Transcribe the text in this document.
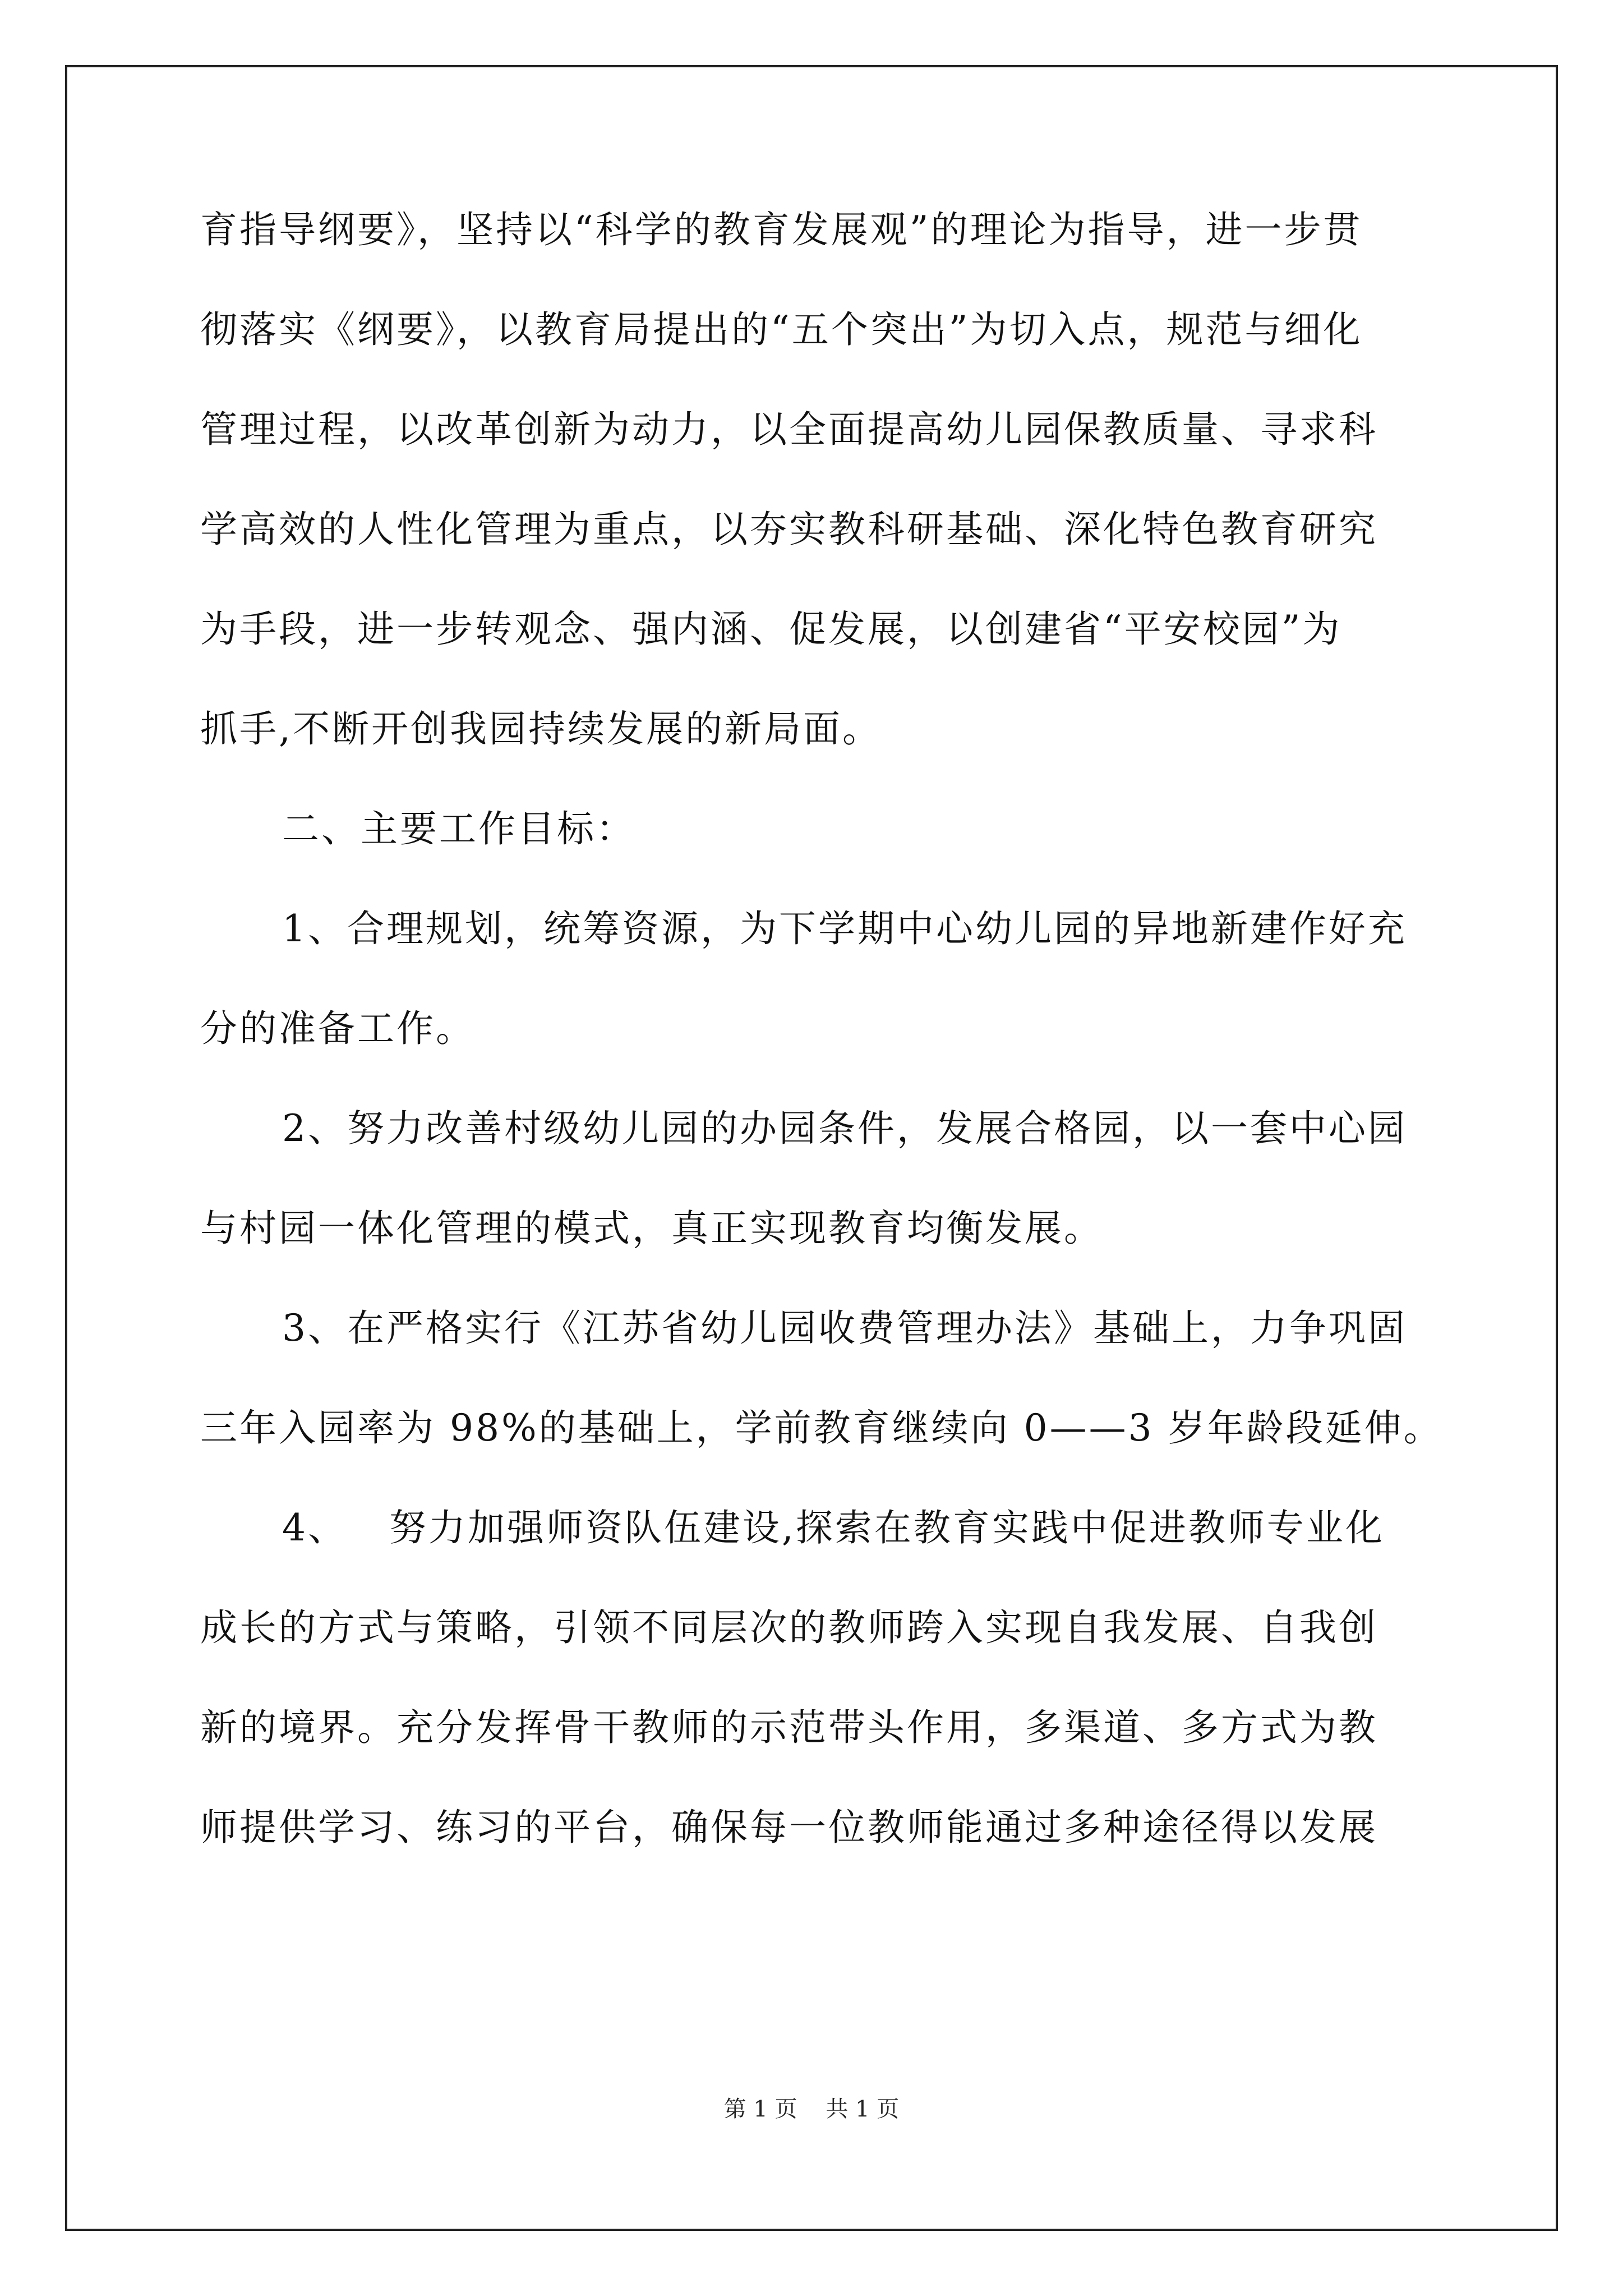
育指导纲要》，坚持以“科学的教育发展观”的理论为指导，进一步贯
彻落实《纲要》，以教育局提出的“五个突出”为切入点，规范与细化
管理过程，以改革创新为动力，以全面提高幼儿园保教质量、寻求科
学高效的人性化管理为重点，以夯实教科研基础、深化特色教育研究
为手段，进一步转观念、强内涵、促发展，以创建省“平安校园”为
抓手,不断开创我园持续发展的新局面。
二、主要工作目标：
1、合理规划，统筹资源，为下学期中心幼儿园的异地新建作好充
分的准备工作。
2、努力改善村级幼儿园的办园条件，发展合格园，以一套中心园
与村园一体化管理的模式，真正实现教育均衡发展。
3、在严格实行《江苏省幼儿园收费管理办法》基础上，力争巩固
三年入园率为 98%的基础上，学前教育继续向 0——3 岁年龄段延伸。
4、   努力加强师资队伍建设,探索在教育实践中促进教师专业化
成长的方式与策略，引领不同层次的教师跨入实现自我发展、自我创
新的境界。充分发挥骨干教师的示范带头作用，多渠道、多方式为教
师提供学习、练习的平台，确保每一位教师能通过多种途径得以发展
第 1 页    共 1 页
